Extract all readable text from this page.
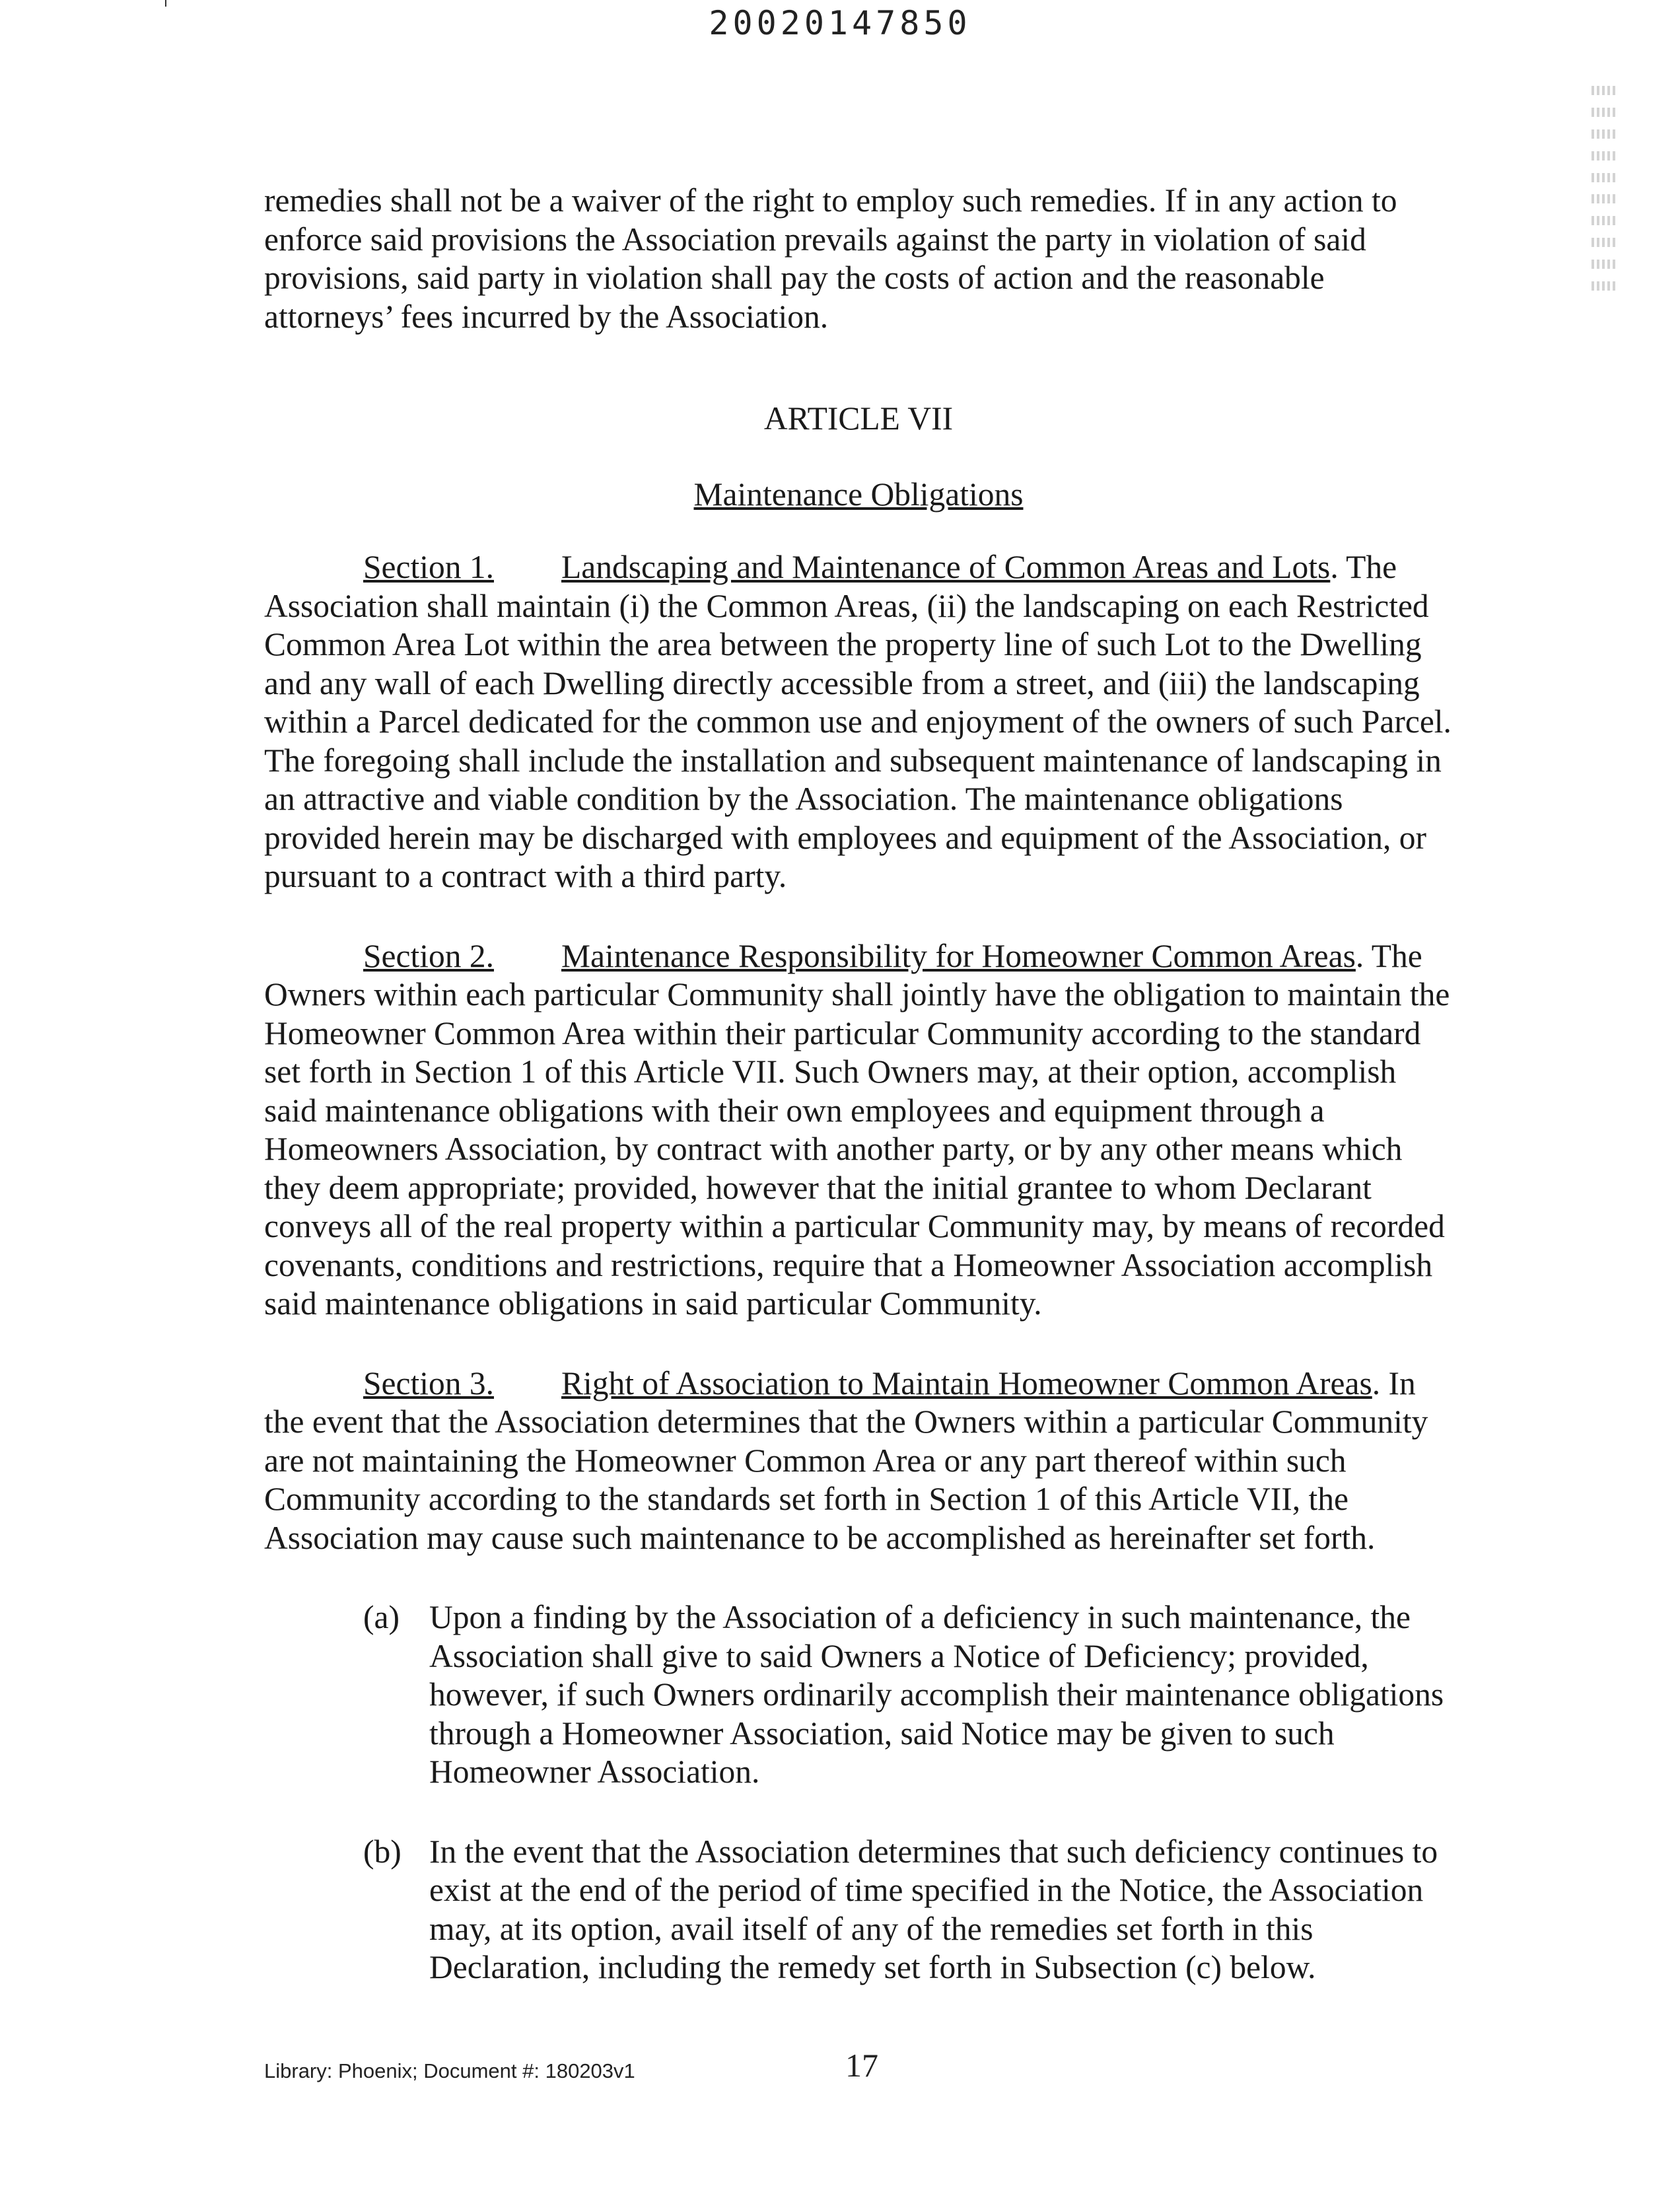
20020147850

remedies shall not be a waiver of the right to employ such remedies. If in any action to enforce said provisions the Association prevails against the party in violation of said provisions, said party in violation shall pay the costs of action and the reasonable attorneys’ fees incurred by the Association.

ARTICLE VII

Maintenance Obligations

Section 1. Landscaping and Maintenance of Common Areas and Lots. The Association shall maintain (i) the Common Areas, (ii) the landscaping on each Restricted Common Area Lot within the area between the property line of such Lot to the Dwelling and any wall of each Dwelling directly accessible from a street, and (iii) the landscaping within a Parcel dedicated for the common use and enjoyment of the owners of such Parcel. The foregoing shall include the installation and subsequent maintenance of landscaping in an attractive and viable condition by the Association. The maintenance obligations provided herein may be discharged with employees and equipment of the Association, or pursuant to a contract with a third party.

Section 2. Maintenance Responsibility for Homeowner Common Areas. The Owners within each particular Community shall jointly have the obligation to maintain the Homeowner Common Area within their particular Community according to the standard set forth in Section 1 of this Article VII. Such Owners may, at their option, accomplish said maintenance obligations with their own employees and equipment through a Homeowners Association, by contract with another party, or by any other means which they deem appropriate; provided, however that the initial grantee to whom Declarant conveys all of the real property within a particular Community may, by means of recorded covenants, conditions and restrictions, require that a Homeowner Association accomplish said maintenance obligations in said particular Community.

Section 3. Right of Association to Maintain Homeowner Common Areas. In the event that the Association determines that the Owners within a particular Community are not maintaining the Homeowner Common Area or any part thereof within such Community according to the standards set forth in Section 1 of this Article VII, the Association may cause such maintenance to be accomplished as hereinafter set forth.

(a) Upon a finding by the Association of a deficiency in such maintenance, the Association shall give to said Owners a Notice of Deficiency; provided, however, if such Owners ordinarily accomplish their maintenance obligations through a Homeowner Association, said Notice may be given to such Homeowner Association.
(b) In the event that the Association determines that such deficiency continues to exist at the end of the period of time specified in the Notice, the Association may, at its option, avail itself of any of the remedies set forth in this Declaration, including the remedy set forth in Subsection (c) below.
Library: Phoenix; Document #: 180203v1	17
